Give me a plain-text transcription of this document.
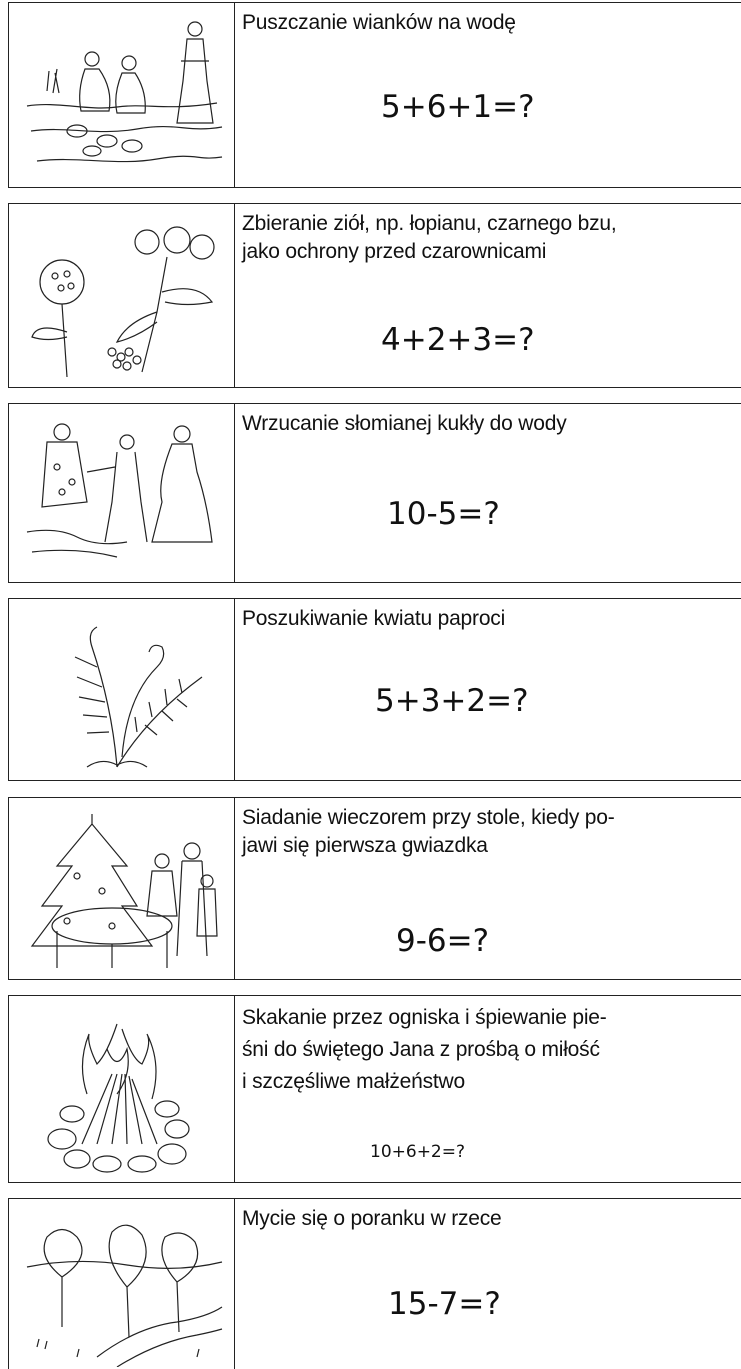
Puszczanie wianków na wodę
5+6+1=?
Zbieranie ziół, np. łopianu, czarnego bzu,
jako ochrony przed czarownicami
4+2+3=?
Wrzucanie słomianej kukły do wody
10-5=?
Poszukiwanie kwiatu paproci
5+3+2=?
Siadanie wieczorem przy stole, kiedy po-
jawi się pierwsza gwiazdka
9-6=?
Skakanie przez ogniska i śpiewanie pie-
śni do świętego Jana z prośbą o miłość
i szczęśliwe małżeństwo
10+6+2=?
Mycie się o poranku w rzece
15-7=?
